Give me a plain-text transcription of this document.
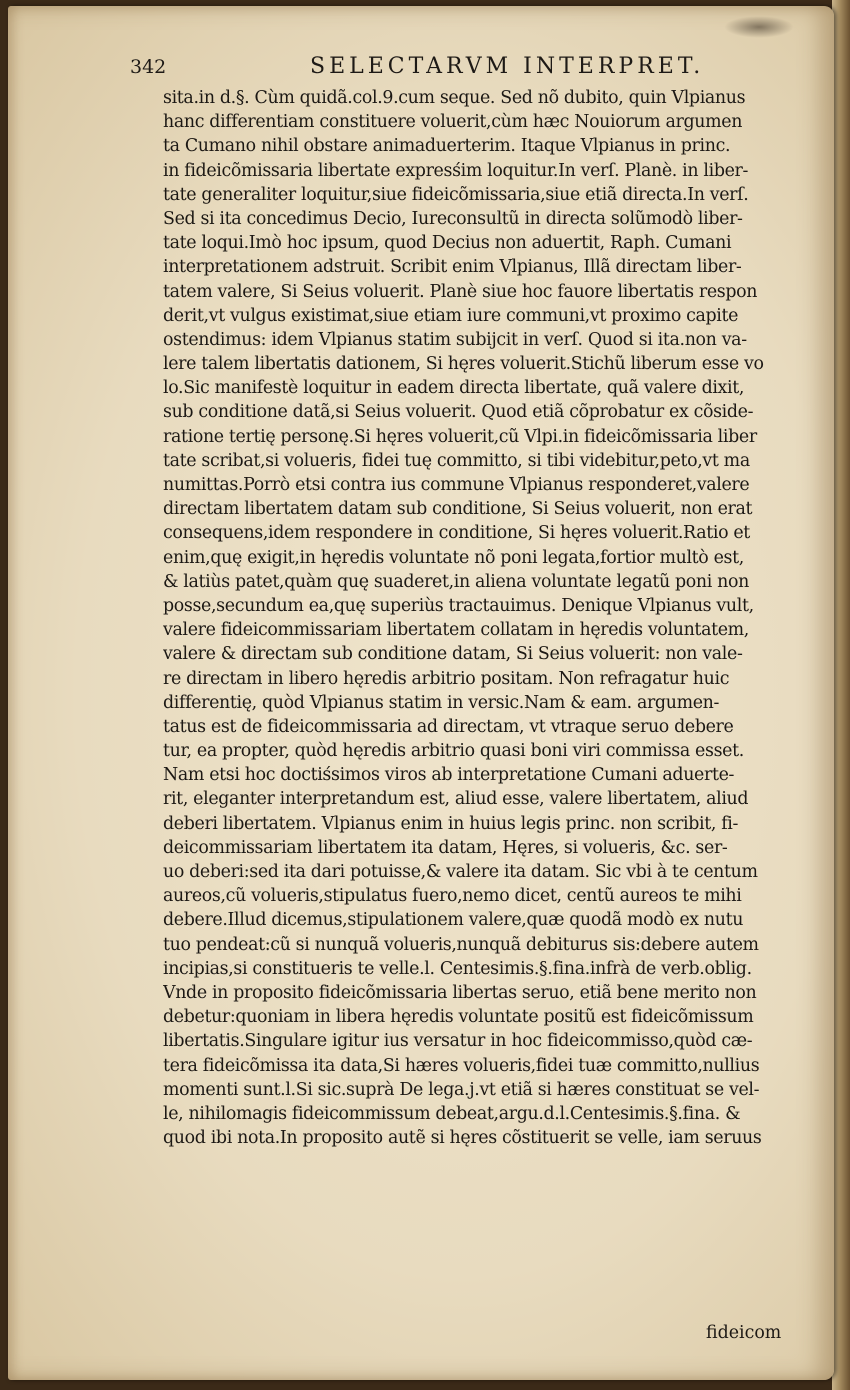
342	SELECTARVM INTERPRET.
sita.in d.§. Cùm quidã.col.9.cum seque. Sed nõ dubito, quin Vlpianus
hanc differentiam constituere voluerit,cùm hæc Nouiorum argumen
ta Cumano nihil obstare animaduerterim. Itaque Vlpianus in princ.
in fideicõmissaria libertate expresśim loquitur.In verſ. Planè. in liber-
tate generaliter loquitur,siue fideicõmissaria,siue etiã directa.In verſ.
Sed si ita concedimus Decio, Iureconsultũ in directa solũmodò liber-
tate loqui.Imò hoc ipsum, quod Decius non aduertit, Raph. Cumani
interpretationem adstruit. Scribit enim Vlpianus, Illã directam liber-
tatem valere, Si Seius voluerit. Planè siue hoc fauore libertatis respon
derit,vt vulgus existimat,siue etiam iure communi,vt proximo capite
ostendimus: idem Vlpianus statim subijcit in verſ. Quod si ita.non va-
lere talem libertatis dationem, Si hęres voluerit.Stichũ liberum esse vo
lo.Sic manifestè loquitur in eadem directa libertate, quã valere dixit,
sub conditione datã,si Seius voluerit. Quod etiã cõprobatur ex cõside-
ratione tertię personę.Si hęres voluerit,cũ Vlpi.in fideicõmissaria liber
tate scribat,si volueris, fidei tuę committo, si tibi videbitur,peto,vt ma
numittas.Porrò etsi contra ius commune Vlpianus responderet,valere
directam libertatem datam sub conditione, Si Seius voluerit, non erat
consequens,idem respondere in conditione, Si hęres voluerit.Ratio et
enim,quę exigit,in hęredis voluntate nõ poni legata,fortior multò est,
& latiùs patet,quàm quę suaderet,in aliena voluntate legatũ poni non
posse,secundum ea,quę superiùs tractauimus. Denique Vlpianus vult,
valere fideicommissariam libertatem collatam in hęredis voluntatem,
valere & directam sub conditione datam, Si Seius voluerit: non vale-
re directam in libero hęredis arbitrio positam. Non refragatur huic
differentię, quòd Vlpianus statim in versic.Nam & eam. argumen-
tatus est de fideicommissaria ad directam, vt vtraque seruo debere
tur, ea propter, quòd hęredis arbitrio quasi boni viri commissa esset.
Nam etsi hoc doctiśsimos viros ab interpretatione Cumani aduerte-
rit, eleganter interpretandum est, aliud esse, valere libertatem, aliud
deberi libertatem. Vlpianus enim in huius legis princ. non scribit, fi-
deicommissariam libertatem ita datam, Hęres, si volueris, &c. ser-
uo deberi:sed ita dari potuisse,& valere ita datam. Sic vbi à te centum
aureos,cũ volueris,stipulatus fuero,nemo dicet, centũ aureos te mihi
debere.Illud dicemus,stipulationem valere,quæ quodã modò ex nutu
tuo pendeat:cũ si nunquã volueris,nunquã debiturus sis:debere autem
incipias,si constitueris te velle.l. Centesimis.§.fina.infrà de verb.oblig.
Vnde in proposito fideicõmissaria libertas seruo, etiã bene merito non
debetur:quoniam in libera hęredis voluntate positũ est fideicõmissum
libertatis.Singulare igitur ius versatur in hoc fideicommisso,quòd cæ-
tera fideicõmissa ita data,Si hæres volueris,fidei tuæ committo,nullius
momenti sunt.l.Si sic.suprà De lega.j.vt etiã si hæres constituat se vel-
le, nihilomagis fideicommissum debeat,argu.d.l.Centesimis.§.fina. &
quod ibi nota.In proposito autẽ si hęres cõstituerit se velle, iam seruus
fideicom
